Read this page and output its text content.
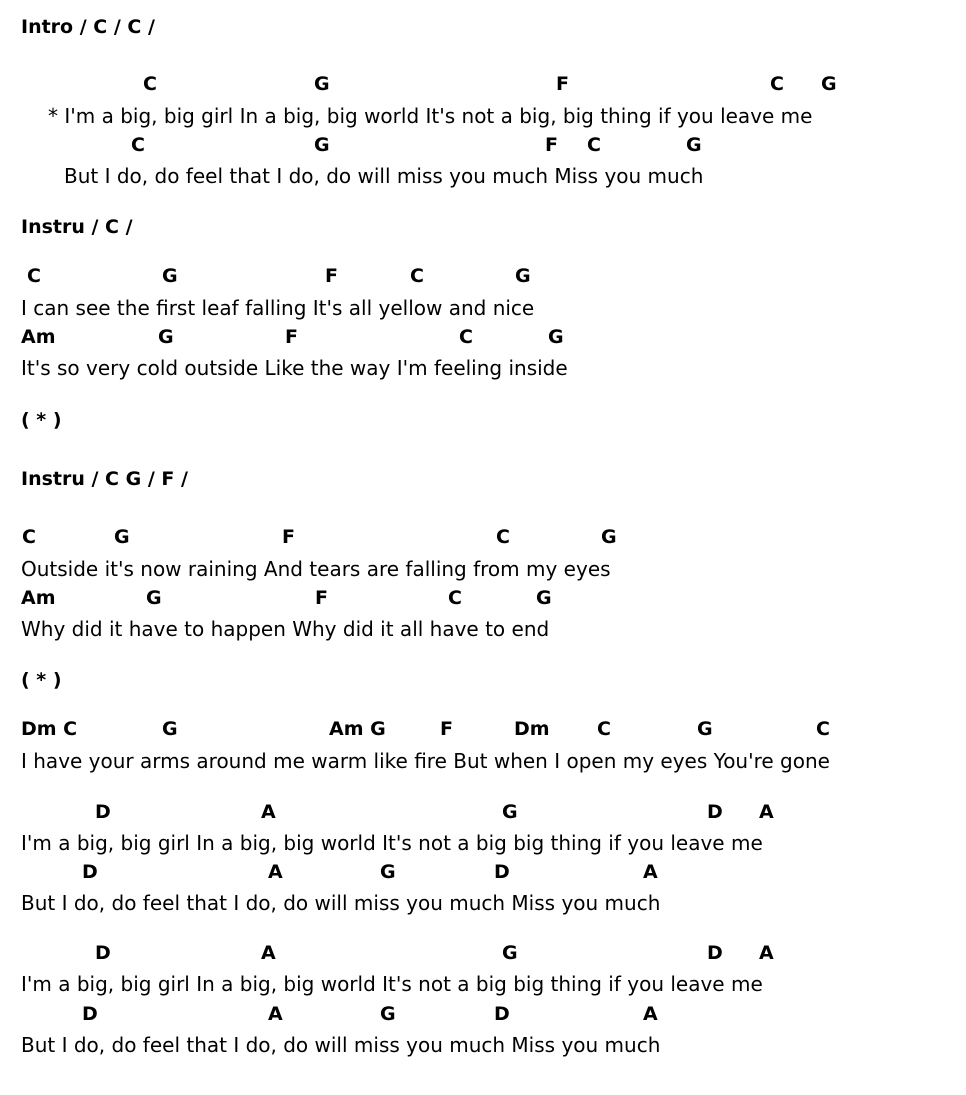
Intro / C / C /
C	G	F	C G
* I'm a big, big girl In a big, big world It's not a big, big thing if you leave me
C	G	F C	G
But I do, do feel that I do, do will miss you much Miss you much
Instru / C /
C	G	F	C	G
I can see the first leaf falling It's all yellow and nice
Am	G	F	C	G
It's so very cold outside Like the way I'm feeling inside
( * )
Instru / C G / F /
C	G	F	C	G
Outside it's now raining And tears are falling from my eyes
Am	G	F	C	G
Why did it have to happen Why did it all have to end
( * )
Dm C	G	Am G	F	Dm C	G	C
I have your arms around me warm like fire But when I open my eyes You're gone
D	A	G	D A
I'm a big, big girl In a big, big world It's not a big big thing if you leave me
D	A	G	D	A
But I do, do feel that I do, do will miss you much Miss you much
D	A	G	D A
I'm a big, big girl In a big, big world It's not a big big thing if you leave me
D	A	G	D	A
But I do, do feel that I do, do will miss you much Miss you much
